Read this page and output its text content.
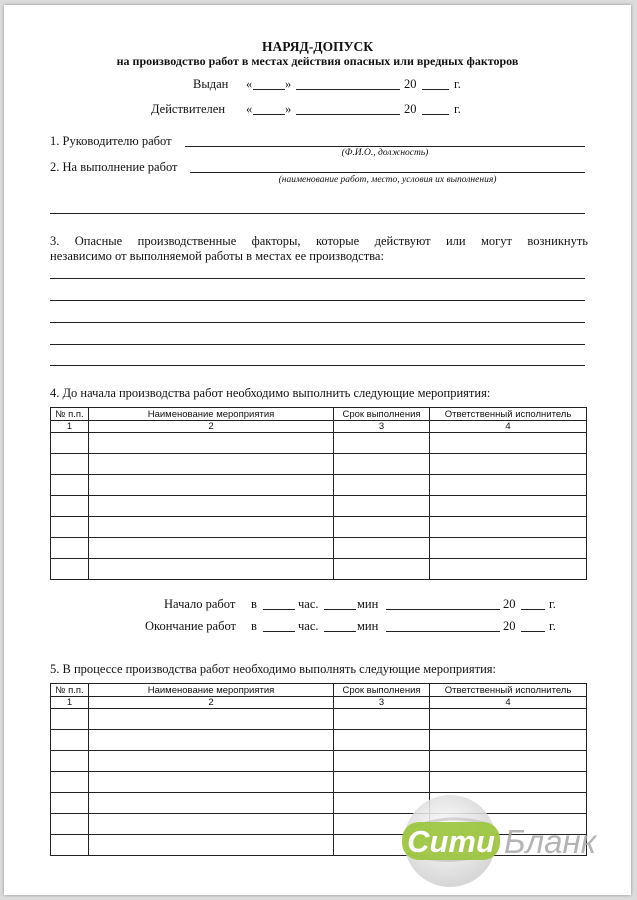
НАРЯД-ДОПУСК
на производство работ в местах действия опасных или вредных факторов
Выдан «	»	20	г.
Действителен «	»	20	г.
1. Руководителю работ
(Ф.И.О., должность)
2. На выполнение работ
(наименование работ, место, условия их выполнения)
3. Опасные производственные факторы, которые действуют или могут возникнуть
независимо от выполняемой работы в местах ее производства:
4. До начала производства работ необходимо выполнить следующие мероприятия:
№ п.п.	Наименование мероприятия	Срок выполнения	Ответственный исполнитель
1	2	3	4

Начало работ в	час.	мин	20	г.
Окончание работ в	час.	мин	20	г.
5. В процессе производства работ необходимо выполнять следующие мероприятия:
№ п.п.	Наименование мероприятия	Срок выполнения	Ответственный исполнитель
1	2	3	4

Сити Бланк
